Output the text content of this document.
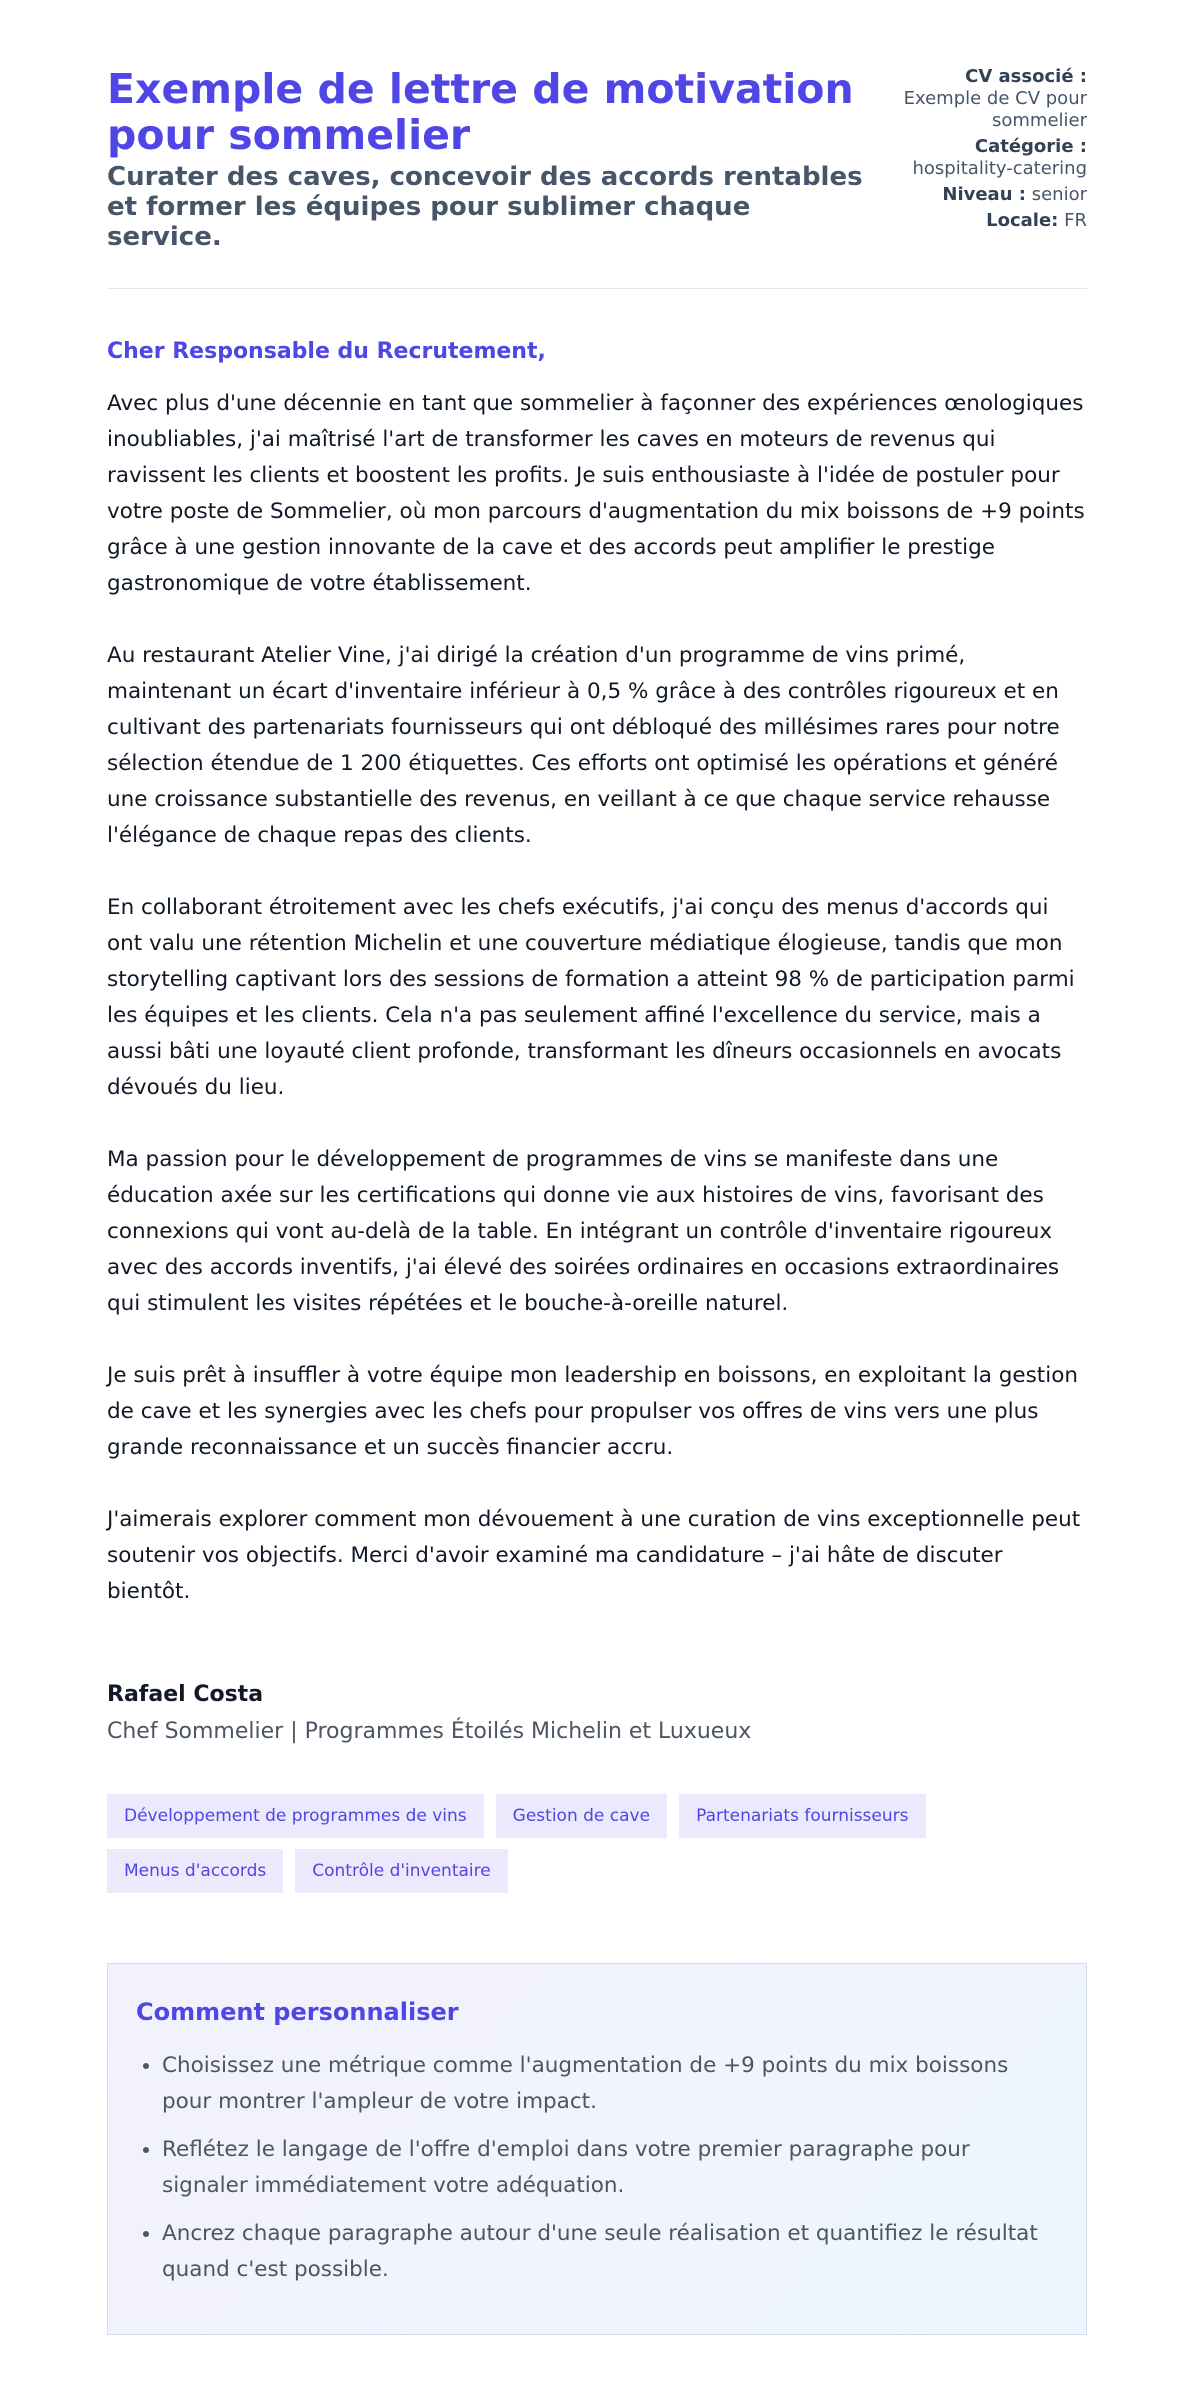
Exemple de lettre de motivation pour sommelier
Curater des caves, concevoir des accords rentables et former les équipes pour sublimer chaque service.
CV associé : Exemple de CV pour sommelier
Catégorie : hospitality-catering
Niveau : senior
Locale: FR
Cher Responsable du Recrutement,

Avec plus d'une décennie en tant que sommelier à façonner des expériences œnologiques inoubliables, j'ai maîtrisé l'art de transformer les caves en moteurs de revenus qui ravissent les clients et boostent les profits. Je suis enthousiaste à l'idée de postuler pour votre poste de Sommelier, où mon parcours d'augmentation du mix boissons de +9 points grâce à une gestion innovante de la cave et des accords peut amplifier le prestige gastronomique de votre établissement.

Au restaurant Atelier Vine, j'ai dirigé la création d'un programme de vins primé, maintenant un écart d'inventaire inférieur à 0,5 % grâce à des contrôles rigoureux et en cultivant des partenariats fournisseurs qui ont débloqué des millésimes rares pour notre sélection étendue de 1 200 étiquettes. Ces efforts ont optimisé les opérations et généré une croissance substantielle des revenus, en veillant à ce que chaque service rehausse l'élégance de chaque repas des clients.

En collaborant étroitement avec les chefs exécutifs, j'ai conçu des menus d'accords qui ont valu une rétention Michelin et une couverture médiatique élogieuse, tandis que mon storytelling captivant lors des sessions de formation a atteint 98 % de participation parmi les équipes et les clients. Cela n'a pas seulement affiné l'excellence du service, mais a aussi bâti une loyauté client profonde, transformant les dîneurs occasionnels en avocats dévoués du lieu.

Ma passion pour le développement de programmes de vins se manifeste dans une éducation axée sur les certifications qui donne vie aux histoires de vins, favorisant des connexions qui vont au-delà de la table. En intégrant un contrôle d'inventaire rigoureux avec des accords inventifs, j'ai élevé des soirées ordinaires en occasions extraordinaires qui stimulent les visites répétées et le bouche-à-oreille naturel.

Je suis prêt à insuffler à votre équipe mon leadership en boissons, en exploitant la gestion de cave et les synergies avec les chefs pour propulser vos offres de vins vers une plus grande reconnaissance et un succès financier accru.

J'aimerais explorer comment mon dévouement à une curation de vins exceptionnelle peut soutenir vos objectifs. Merci d'avoir examiné ma candidature – j'ai hâte de discuter bientôt.

Rafael Costa
Chef Sommelier | Programmes Étoilés Michelin et Luxueux
Développement de programmes de vins	Gestion de cave	Partenariats fournisseurs
Menus d'accords	Contrôle d'inventaire
Comment personnaliser
• Choisissez une métrique comme l'augmentation de +9 points du mix boissons pour montrer l'ampleur de votre impact.
• Reflétez le langage de l'offre d'emploi dans votre premier paragraphe pour signaler immédiatement votre adéquation.
• Ancrez chaque paragraphe autour d'une seule réalisation et quantifiez le résultat quand c'est possible.
